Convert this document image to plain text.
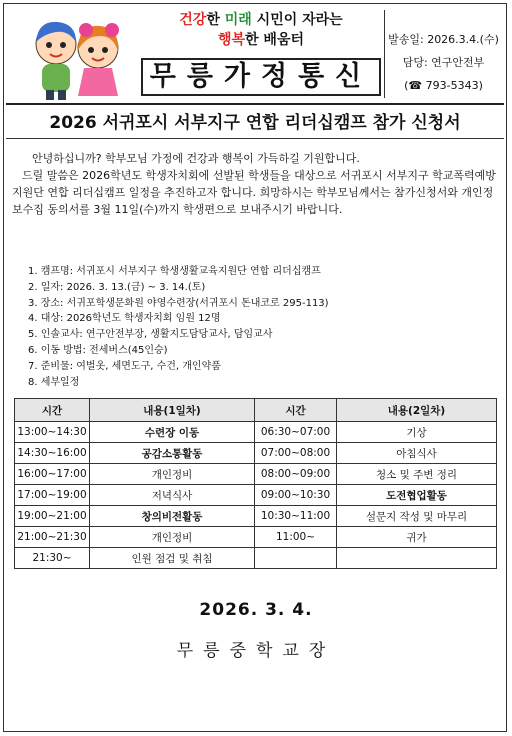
건강한 미래 시민이 자라는
행복한 배움터
무릉가정통신
발송일: 2026.3.4.(수)
담당: 연구안전부
(☎ 793-5343)
2026 서귀포시 서부지구 연합 리더십캠프 참가 신청서

안녕하십니까? 학부모님 가정에 건강과 행복이 가득하길 기원합니다.

드릴 말씀은 2026학년도 학생자치회에 선발된 학생들을 대상으로 서귀포시 서부지구 학교폭력예방 지원단 연합 리더십캠프 일정을 추진하고자 합니다. 희망하시는 학부모님께서는 참가신청서와 개인정보수집 동의서를 3월 11일(수)까지 학생편으로 보내주시기 바랍니다.

1. 캠프명: 서귀포시 서부지구 학생생활교육지원단 연합 리더십캠프
2. 일자: 2026. 3. 13.(금) ~ 3. 14.(토)
3. 장소: 서귀포학생문화원 야영수련장(서귀포시 돈내코로 295-113)
4. 대상: 2026학년도 학생자치회 임원 12명
5. 인솔교사: 연구안전부장, 생활지도담당교사, 담임교사
6. 이동 방법: 전세버스(45인승)
7. 준비물: 여벌옷, 세면도구, 수건, 개인약품
8. 세부일정
시간	내용(1일차)	시간	내용(2일차)
13:00~14:30	수련장 이동	06:30~07:00	기상
14:30~16:00	공감소통활동	07:00~08:00	아침식사
16:00~17:00	개인정비	08:00~09:00	청소 및 주변 정리
17:00~19:00	저녁식사	09:00~10:30	도전협업활동
19:00~21:00	창의비전활동	10:30~11:00	설문지 작성 및 마무리
21:00~21:30	개인정비	11:00~	귀가
21:30~	인원 점검 및 취침		
2026. 3. 4.
무릉중학교장
